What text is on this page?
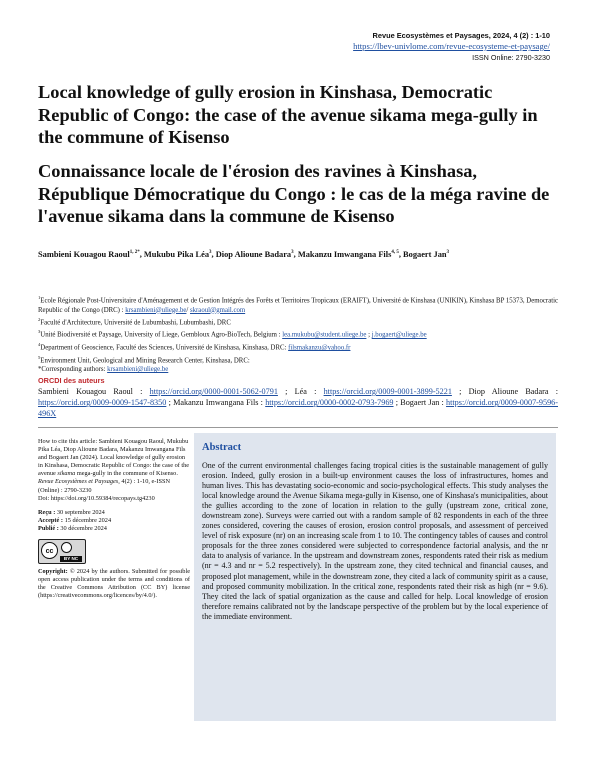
Revue Ecosystèmes et Paysages, 2024, 4 (2) : 1-10
https://lbev-univlome.com/revue-ecosysteme-et-paysage/
ISSN Online: 2790-3230
Local knowledge of gully erosion in Kinshasa, Democratic Republic of Congo: the case of the avenue sikama mega-gully in the commune of Kisenso
Connaissance locale de l'érosion des ravines à Kinshasa, République Démocratique du Congo : le cas de la méga ravine de l'avenue sikama dans la commune de Kisenso
Sambieni Kouagou Raoul$^{1, 2*}$, Mukubu Pika Léa$^3$, Diop Alioune Badara$^3$, Makanzu Imwangana Fils$^{4, 5}$, Bogaert Jan$^3$

$^1$Ecole Régionale Post-Universitaire d'Aménagement et de Gestion Intégrés des Forêts et Territoires Tropicaux (ERAIFT), Université de Kinshasa (UNIKIN), Kinshasa BP 15373, Democratic Republic of the Congo (DRC) : krsambieni@uliege.be/ skraoul@gmail.com

$^2$Faculté d'Architecture, Université de Lubumbashi, Lubumbashi, DRC

$^3$Unité Biodiversité et Paysage, University of Liege, Gembloux Agro-BioTech, Belgium : lea.mukubu@student.uliege.be ; j.bogaert@uliege.be

$^4$Department of Geoscience, Faculté des Sciences, Université de Kinshasa, Kinshasa, DRC: filsmakanzu@yahoo.fr

$^5$Environment Unit, Geological and Mining Research Center, Kinshasa, DRC:

*Corresponding authors: krsambieni@uliege.be

ORCDI des auteurs
Sambieni Kouagou Raoul : https://orcid.org/0000-0001-5062-0791 ; Léa : https://orcid.org/0009-0001-3899-5221 ; Diop Alioune Badara : https://orcid.org/0009-0009-1547-8350 ; Makanzu Imwangana Fils : https://orcid.org/0000-0002-0793-7969 ; Bogaert Jan : https://orcid.org/0009-0007-9596-496X

How to cite this article: Sambieni Kouagou Raoul, Mukubu Pika Léa, Diop Alioune Badara, Makanzu Imwangana Fils and Bogaert Jan (2024). Local knowledge of gully erosion in Kinshasa, Democratic Republic of Congo: the case of the avenue sikama mega-gully in the commune of Kisenso. Revue Ecosystèmes et Paysages, 4(2) : 1-10, e-ISSN (Online) : 2790-3230

Doi: https://doi.org/10.59384/recopays.tg4230

Reçu : 30 septembre 2024

Accepté : 15 décembre 2024

Publié : 30 décembre 2024

cc
BY NC

Copyright: © 2024 by the authors. Submitted for possible open access publication under the terms and conditions of the Creative Commons Attribution (CC BY) license (https://creativecommons.org/licences/by/4.0/).

Abstract

One of the current environmental challenges facing tropical cities is the sustainable management of gully erosion. Indeed, gully erosion in a built-up environment causes the loss of infrastructures, homes and human lives. This has devastating socio-economic and socio-psychological effects. This study analyses the local knowledge around the Avenue Sikama mega-gully in Kisenso, one of Kinshasa's municipalities, about the gullies according to the zone of location in relation to the gully (upstream zone, critical zone, downstream zone). Surveys were carried out with a random sample of 82 respondents in each of the three zones considered, covering the causes of erosion, erosion control proposals, and assessment of perceived level of risk exposure (nr) on an increasing scale from 1 to 10. The contingency tables of causes and control proposals for the three zones considered were subjected to correspondence factorial analysis, and the nr data to analysis of variance. In the upstream and downstream zones, respondents rated their risk as medium (nr = 4.3 and nr = 5.2 respectively). In the upstream zone, they cited technical and financial causes, and proposed plot management, while in the downstream zone, they cited a lack of community spirit as a cause, and proposed community mobilization. In the critical zone, respondents rated their risk as high (nr = 9.6). They cited the lack of spatial organization as the cause and called for help. Local knowledge of erosion therefore remains calibrated not by the landscape perspective of the problem but by the local experience of the immediate environment.
